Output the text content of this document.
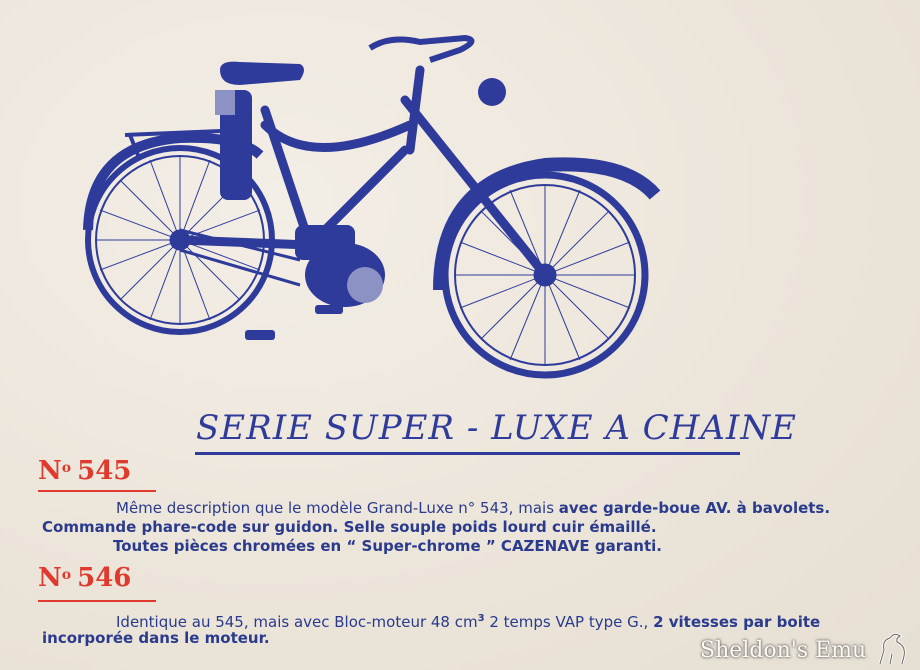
SERIE SUPER - LUXE A CHAINE
$N^o$ 545
Même description que le modèle Grand-Luxe n° 543, mais avec garde-boue AV. à bavolets.
Commande phare-code sur guidon. Selle souple poids lourd cuir émaillé.
Toutes pièces chromées en “ Super-chrome ” CAZENAVE garanti.
$N^o$ 546
Identique au 545, mais avec Bloc-moteur 48 $cm^3$ 2 temps VAP type G., 2 vitesses par boite
incorporée dans le moteur.	Sheldon's Emu
